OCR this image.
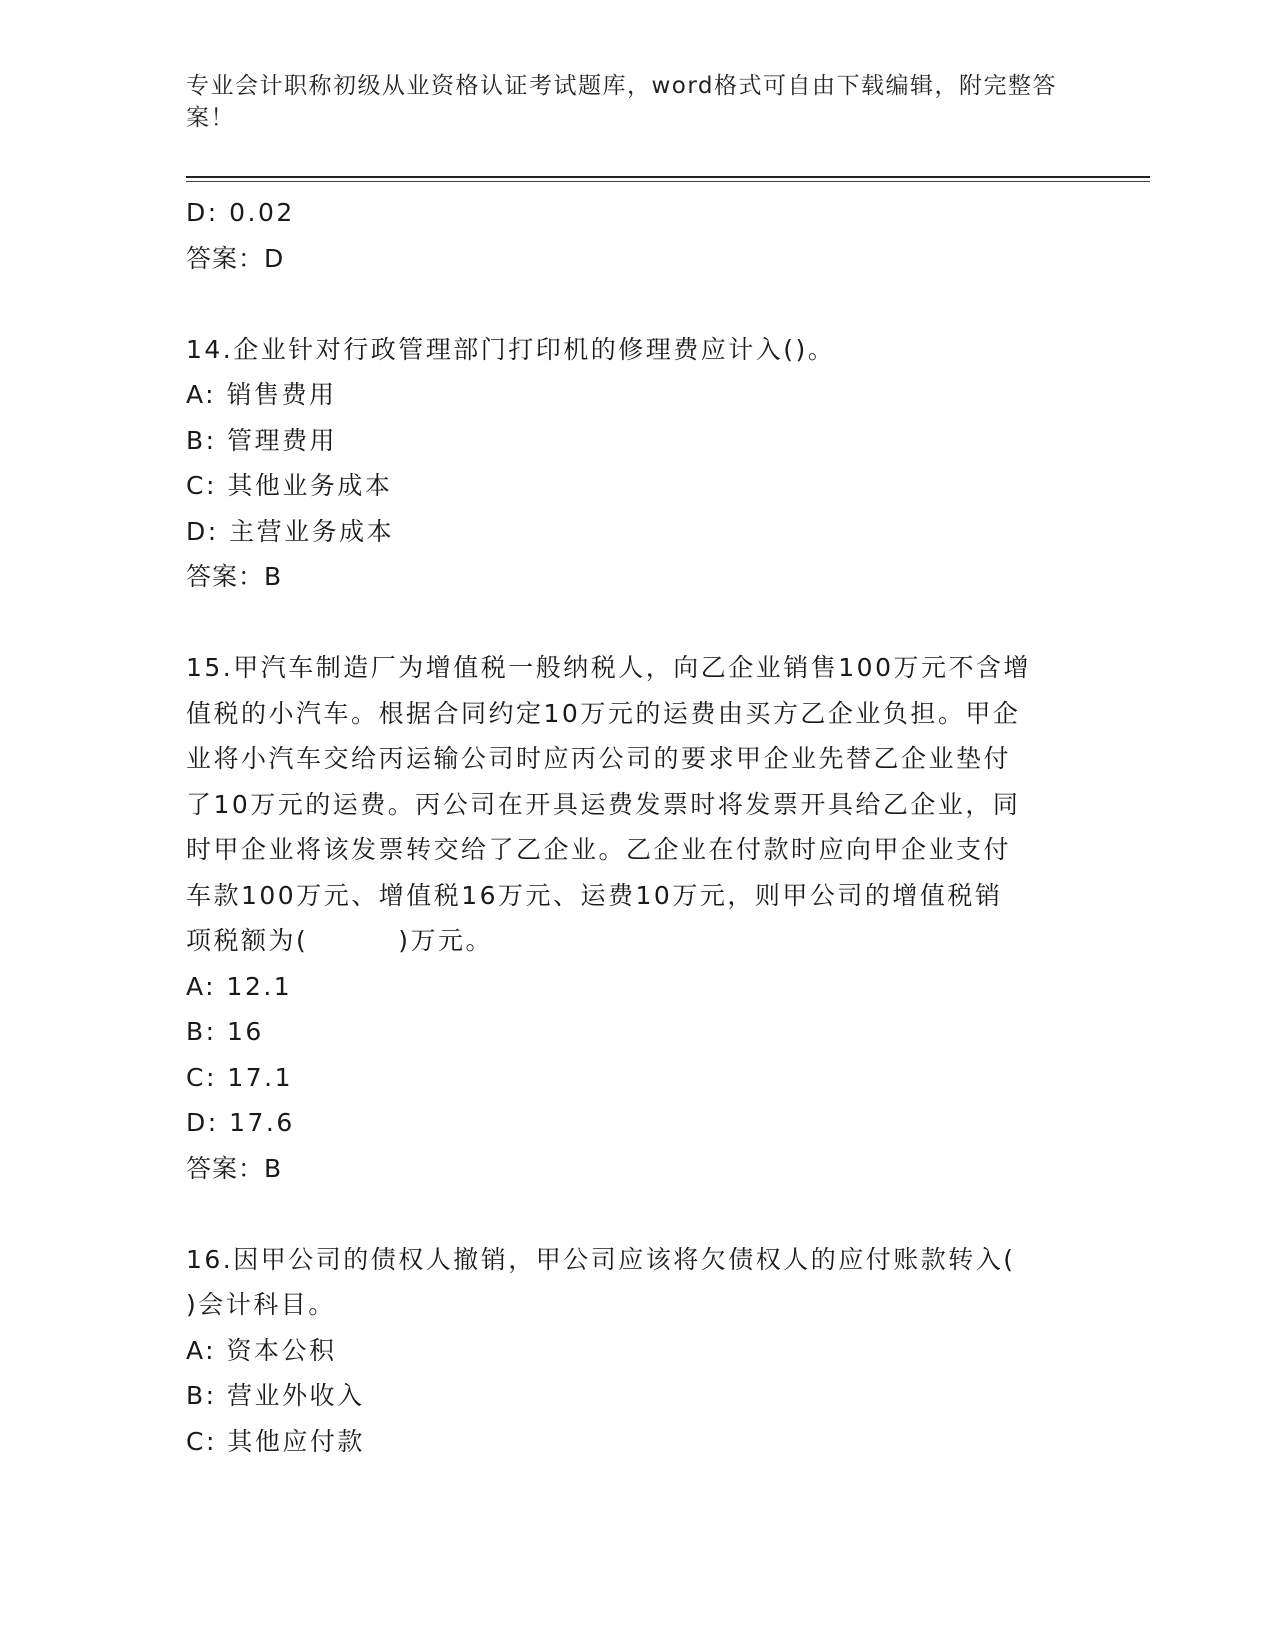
专业会计职称初级从业资格认证考试题库，word格式可自由下载编辑，附完整答
案！
D: 0.02
答案：D
14.企业针对行政管理部门打印机的修理费应计入()。
A: 销售费用
B: 管理费用
C: 其他业务成本
D: 主营业务成本
答案：B
15.甲汽车制造厂为增值税一般纳税人，向乙企业销售100万元不含增
值税的小汽车。根据合同约定10万元的运费由买方乙企业负担。甲企
业将小汽车交给丙运输公司时应丙公司的要求甲企业先替乙企业垫付
了10万元的运费。丙公司在开具运费发票时将发票开具给乙企业，同
时甲企业将该发票转交给了乙企业。乙企业在付款时应向甲企业支付
车款100万元、增值税16万元、运费10万元，则甲公司的增值税销
项税额为(	)万元。
A: 12.1
B: 16
C: 17.1
D: 17.6
答案：B
16.因甲公司的债权人撤销，甲公司应该将欠债权人的应付账款转入(
)会计科目。
A: 资本公积
B: 营业外收入
C: 其他应付款
